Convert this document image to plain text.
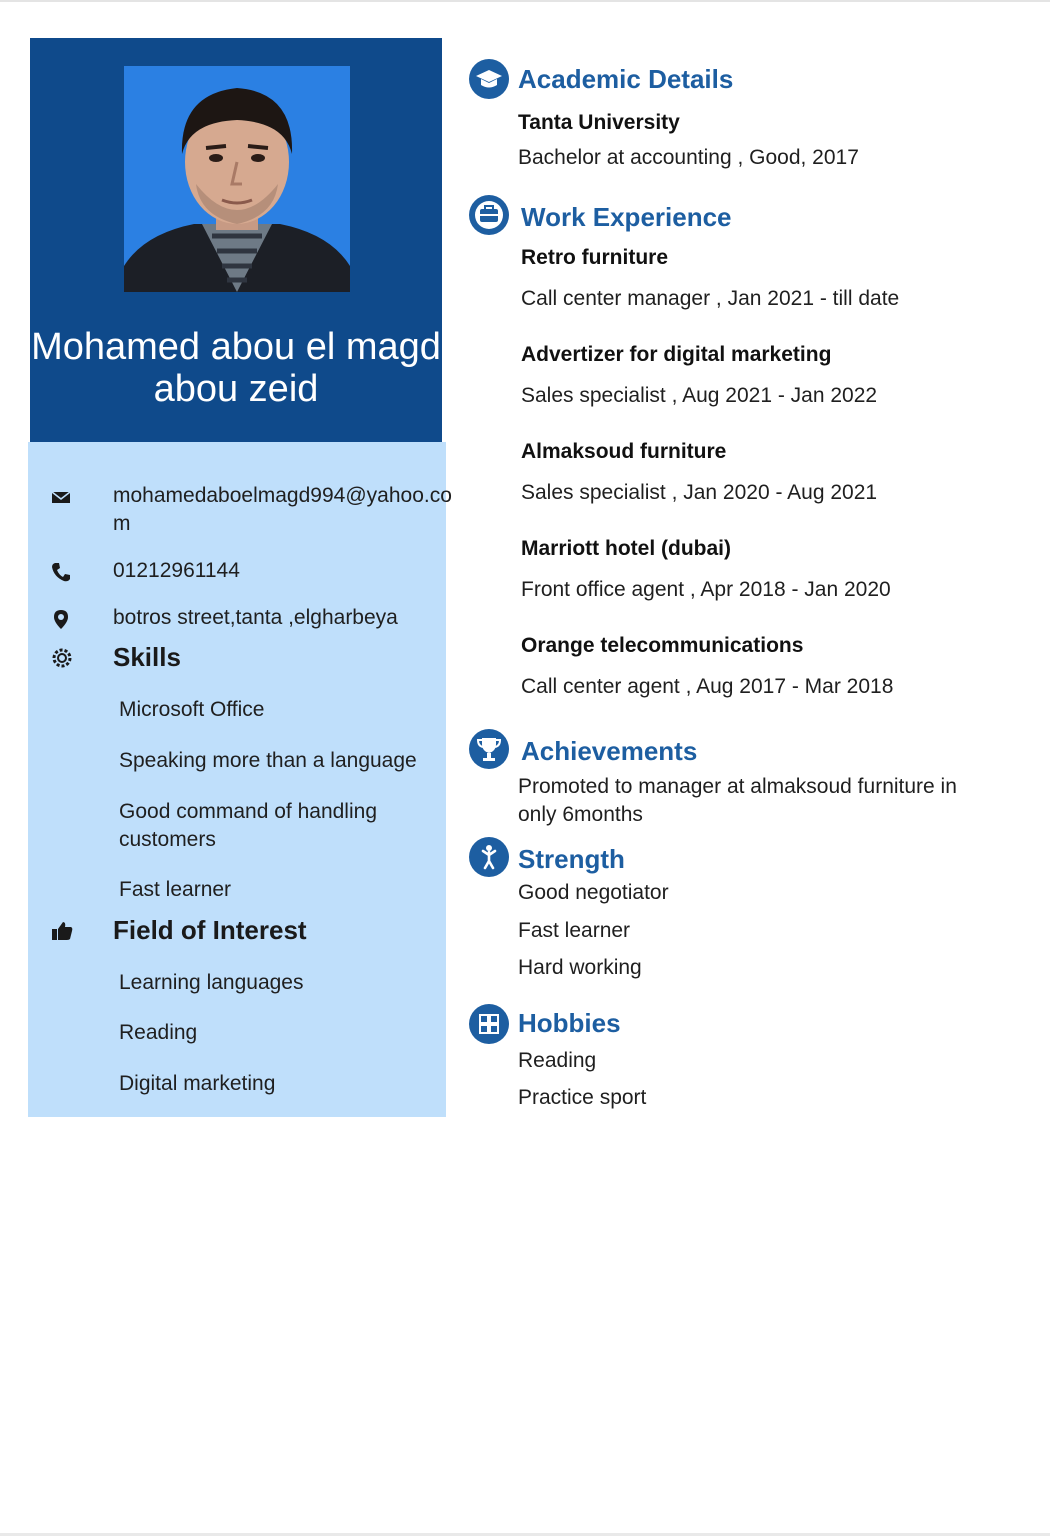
Mohamed abou el magd abou zeid
mohamedaboelmagd994@yahoo.com
01212961144
botros street,tanta ,elgharbeya
Skills
Microsoft Office
Speaking more than a language
Good command of handling customers
Fast learner
Field of Interest
Learning languages
Reading
Digital marketing
Academic Details
Tanta University
Bachelor at accounting , Good, 2017
Work Experience
Retro furniture
Call center manager , Jan 2021 - till date
Advertizer for digital marketing
Sales specialist , Aug 2021 - Jan 2022
Almaksoud furniture
Sales specialist , Jan 2020 - Aug 2021
Marriott hotel (dubai)
Front office agent , Apr 2018 - Jan 2020
Orange telecommunications
Call center agent , Aug 2017 - Mar 2018
Achievements
Promoted to manager at almaksoud furniture in only 6months
Strength
Good negotiator
Fast learner
Hard working
Hobbies
Reading
Practice sport
